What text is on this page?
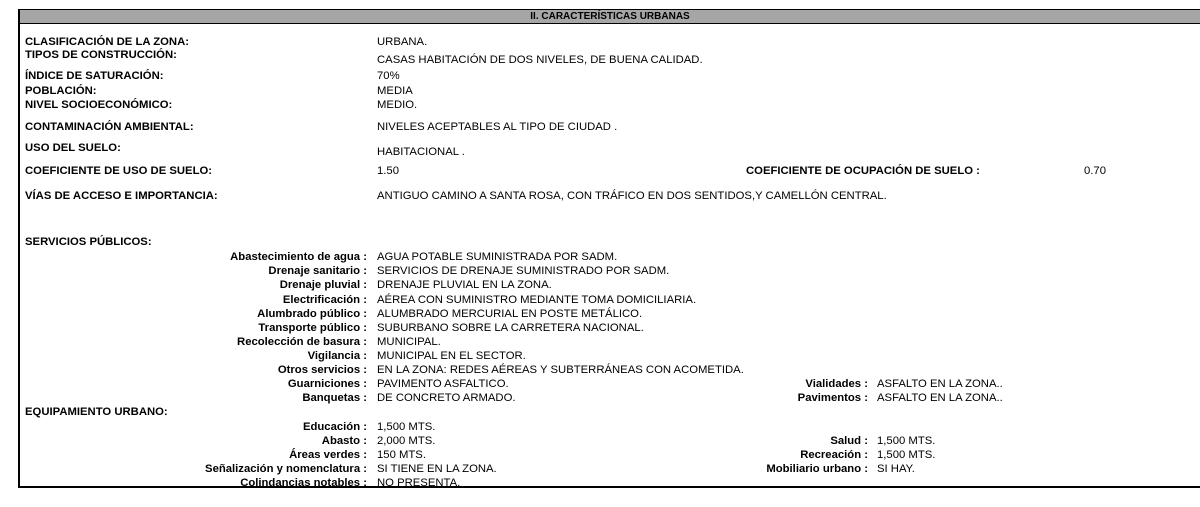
II. CARACTERÍSTICAS URBANAS
CLASIFICACIÓN DE LA ZONA:	URBANA.
TIPOS DE CONSTRUCCIÓN:	CASAS HABITACIÓN DE DOS NIVELES, DE BUENA CALIDAD.
ÍNDICE DE SATURACIÓN:	70%
POBLACIÓN:	MEDIA
NIVEL SOCIOECONÓMICO:	MEDIO.
CONTAMINACIÓN AMBIENTAL:	NIVELES ACEPTABLES AL TIPO DE CIUDAD .
USO DEL SUELO:	HABITACIONAL .
COEFICIENTE DE USO DE SUELO:	1.50	COEFICIENTE DE OCUPACIÓN DE SUELO :	0.70
VÍAS DE ACCESO E IMPORTANCIA:	ANTIGUO CAMINO A SANTA ROSA, CON TRÁFICO EN DOS SENTIDOS,Y CAMELLÓN CENTRAL.
SERVICIOS PÚBLICOS:
Abastecimiento de agua : AGUA POTABLE SUMINISTRADA POR SADM.
Drenaje sanitario : SERVICIOS DE DRENAJE SUMINISTRADO POR SADM.
Drenaje pluvial : DRENAJE PLUVIAL EN LA ZONA.
Electrificación : AÉREA CON SUMINISTRO MEDIANTE TOMA DOMICILIARIA.
Alumbrado público : ALUMBRADO MERCURIAL EN POSTE METÁLICO.
Transporte público : SUBURBANO SOBRE LA CARRETERA NACIONAL.
Recolección de basura : MUNICIPAL.
Vigilancia : MUNICIPAL EN EL SECTOR.
Otros servicios : EN LA ZONA: REDES AÉREAS Y SUBTERRÁNEAS CON ACOMETIDA.
Guarniciones : PAVIMENTO ASFALTICO.	Vialidades : ASFALTO EN LA ZONA..
Banquetas : DE CONCRETO ARMADO.	Pavimentos : ASFALTO EN LA ZONA..
EQUIPAMIENTO URBANO:
Educación : 1,500 MTS.
Abasto : 2,000 MTS.	Salud : 1,500 MTS.
Áreas verdes : 150 MTS.	Recreación : 1,500 MTS.
Señalización y nomenclatura : SI TIENE EN LA ZONA.	Mobiliario urbano : SI HAY.
Colindancias notables : NO PRESENTA.
